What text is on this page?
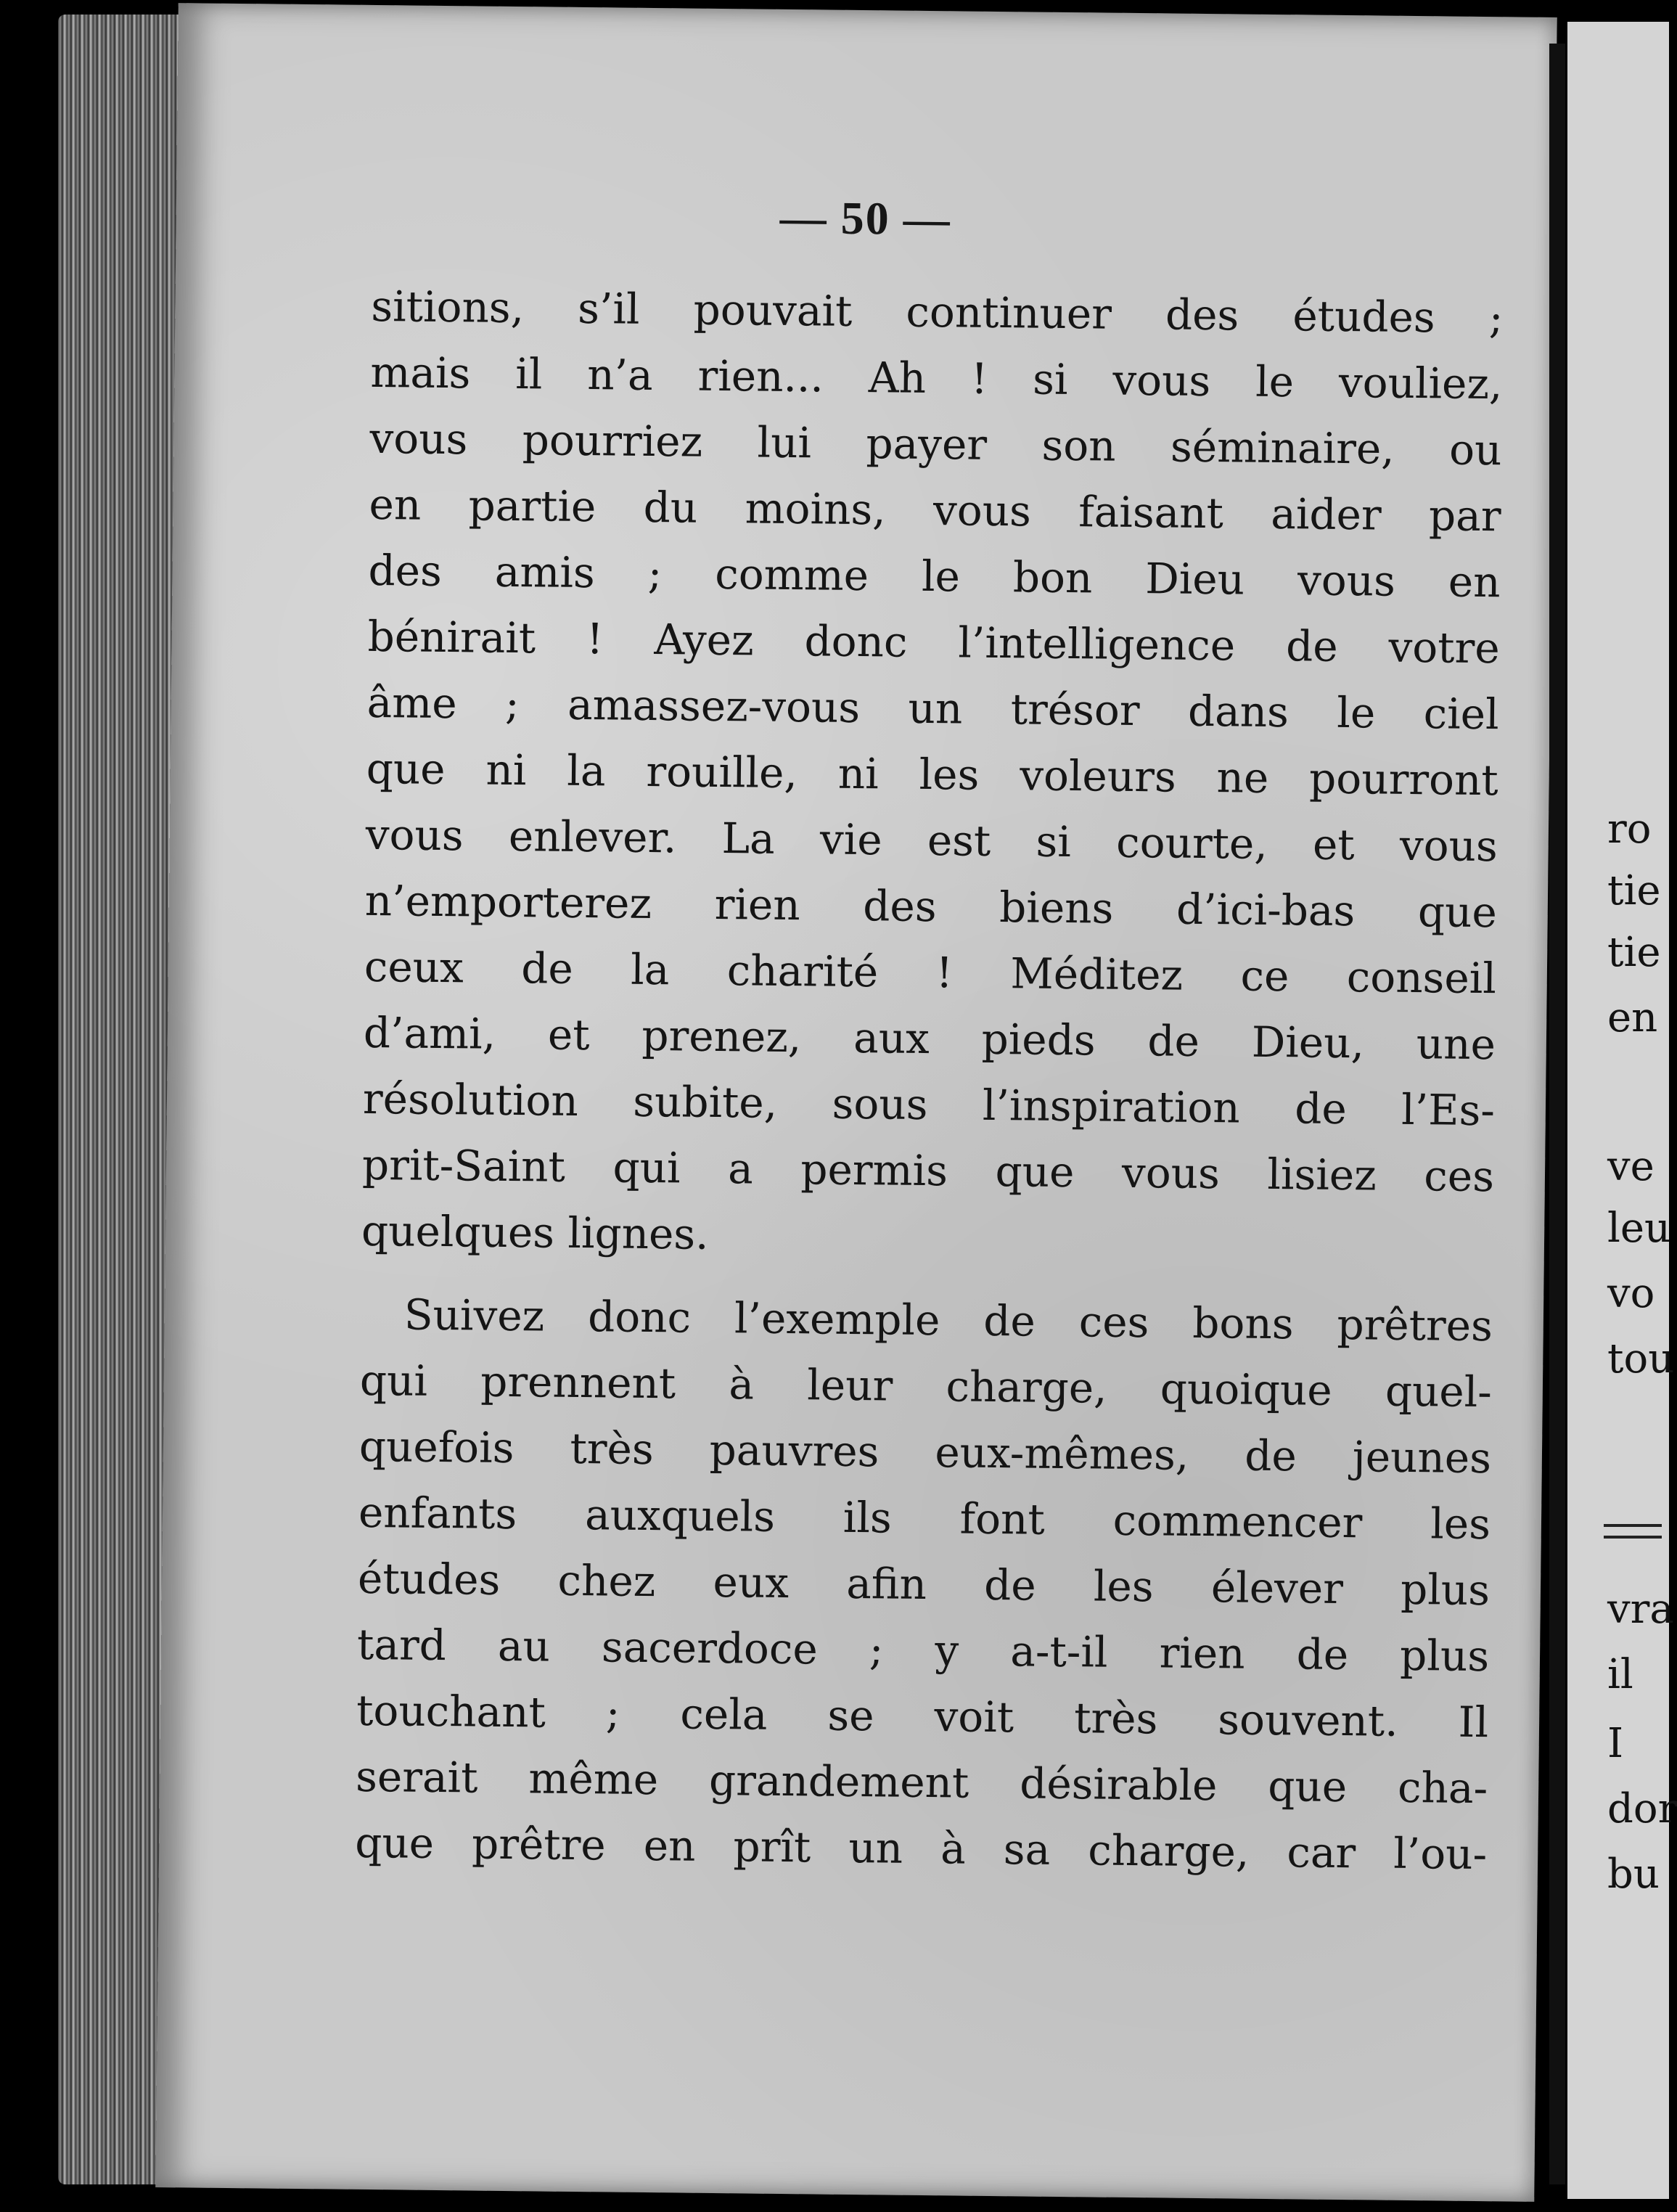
— 50 —
sitions, s’il pouvait continuer des études ;
mais il n’a rien... Ah ! si vous le vouliez,
vous pourriez lui payer son séminaire, ou
en partie du moins, vous faisant aider par
des amis ; comme le bon Dieu vous en
bénirait ! Ayez donc l’intelligence de votre
âme ; amassez-vous un trésor dans le ciel
que ni la rouille, ni les voleurs ne pourront
vous enlever. La vie est si courte, et vous
n’emporterez rien des biens d’ici-bas que
ceux de la charité ! Méditez ce conseil
d’ami, et prenez, aux pieds de Dieu, une
résolution subite, sous l’inspiration de l’Es-
prit-Saint qui a permis que vous lisiez ces
quelques lignes.
Suivez donc l’exemple de ces bons prêtres
qui prennent à leur charge, quoique quel-
quefois très pauvres eux-mêmes, de jeunes
enfants auxquels ils font commencer les
études chez eux afin de les élever plus
tard au sacerdoce ; y a-t-il rien de plus
touchant ; cela se voit très souvent. Il
serait même grandement désirable que cha-
que prêtre en prît un à sa charge, car l’ou-
ro
tie
tie
en
ve
leu
vo
tou
vra
il
I
dor
bu
